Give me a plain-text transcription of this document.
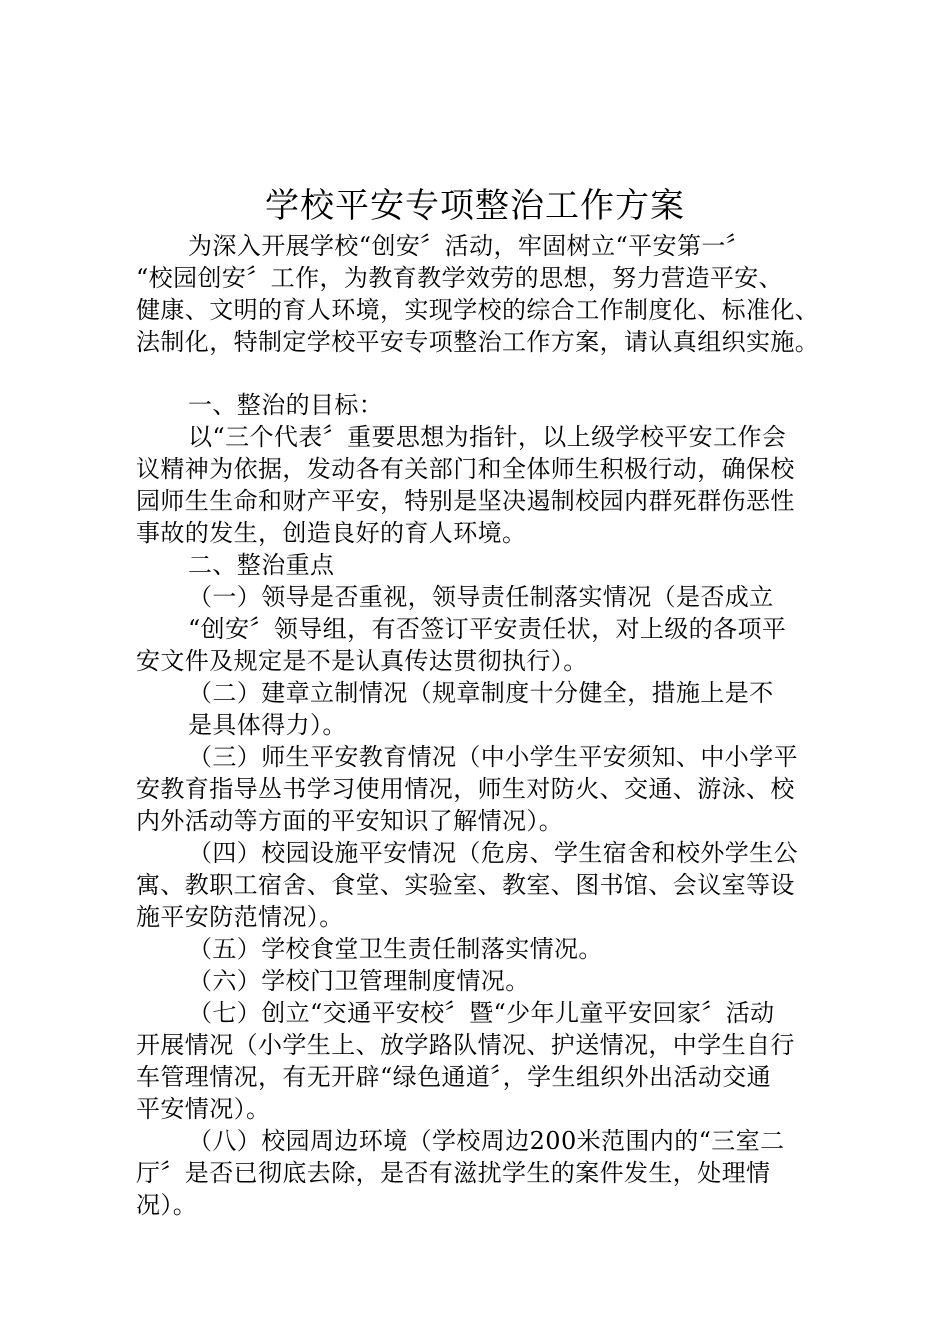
学校平安专项整治工作方案
为深入开展学校“创安〞活动，牢固树立“平安第一〞
“校园创安〞工作，为教育教学效劳的思想，努力营造平安、
健康、文明的育人环境，实现学校的综合工作制度化、标准化、
法制化，特制定学校平安专项整治工作方案，请认真组织实施。
一、整治的目标：
以“三个代表〞重要思想为指针，以上级学校平安工作会
议精神为依据，发动各有关部门和全体师生积极行动，确保校
园师生生命和财产平安，特别是坚决遏制校园内群死群伤恶性
事故的发生，创造良好的育人环境。
二、整治重点
（一）领导是否重视，领导责任制落实情况（是否成立
“创安〞领导组，有否签订平安责任状，对上级的各项平
安文件及规定是不是认真传达贯彻执行）。
（二）建章立制情况（规章制度十分健全，措施上是不
是具体得力）。
（三）师生平安教育情况（中小学生平安须知、中小学平
安教育指导丛书学习使用情况，师生对防火、交通、游泳、校
内外活动等方面的平安知识了解情况）。
（四）校园设施平安情况（危房、学生宿舍和校外学生公
寓、教职工宿舍、食堂、实验室、教室、图书馆、会议室等设
施平安防范情况）。
（五）学校食堂卫生责任制落实情况。
（六）学校门卫管理制度情况。
（七）创立“交通平安校〞暨“少年儿童平安回家〞活动
开展情况（小学生上、放学路队情况、护送情况，中学生自行
车管理情况，有无开辟“绿色通道〞，学生组织外出活动交通
平安情况）。
（八）校园周边环境（学校周边200米范围内的“三室二
厅〞是否已彻底去除，是否有滋扰学生的案件发生，处理情
况）。
